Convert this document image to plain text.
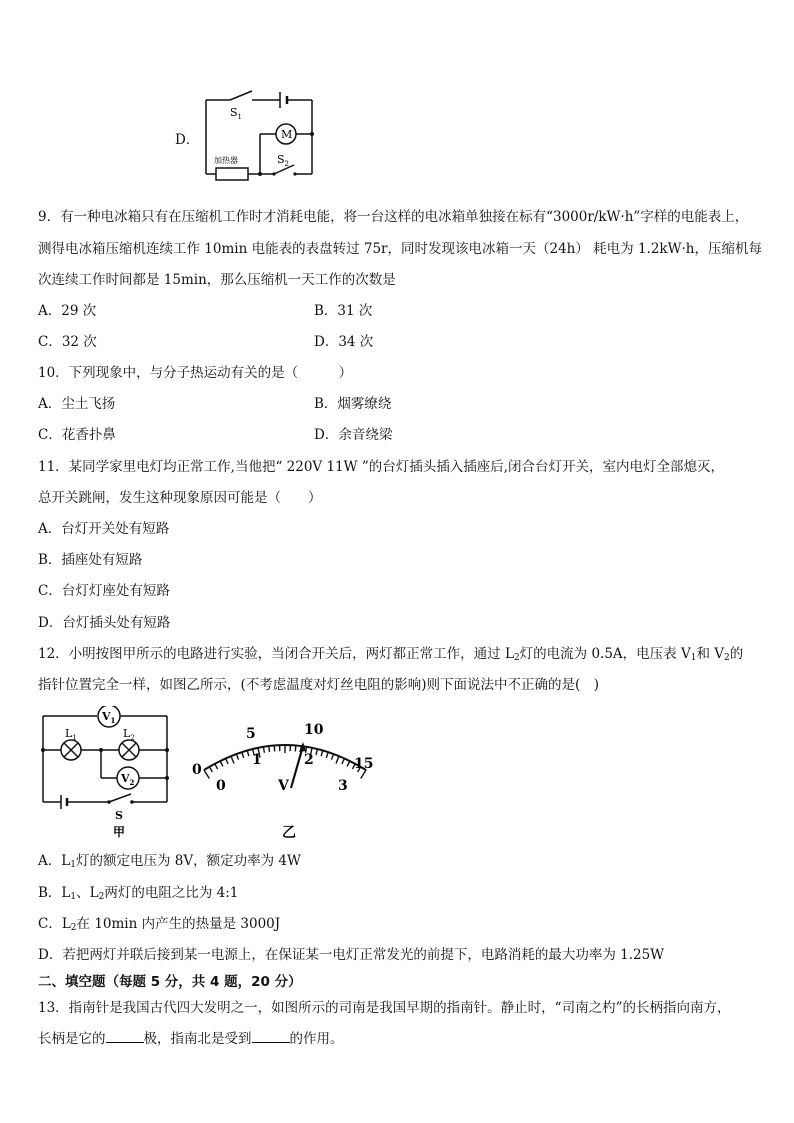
D．
$S_1$
M
$S_2$
加热器
9．有一种电冰箱只有在压缩机工作时才消耗电能，将一台这样的电冰箱单独接在标有“3000r/kW·h”字样的电能表上，
测得电冰箱压缩机连续工作 10min 电能表的表盘转过 75r，同时发现该电冰箱一天（24h） 耗电为 1.2kW·h，压缩机每
次连续工作时间都是 15min，那么压缩机一天工作的次数是
A．29 次	B．31 次
C．32 次	D．34 次
10．下列现象中，与分子热运动有关的是（　　　）
A．尘土飞扬	B．烟雾缭绕
C．花香扑鼻	D．余音绕梁
11．某同学家里电灯均正常工作,当他把“ 220V 11W ”的台灯插头插入插座后,闭合台灯开关，室内电灯全部熄灭，
总开关跳闸，发生这种现象原因可能是（　　）
A．台灯开关处有短路
B．插座处有短路
C．台灯灯座处有短路
D．台灯插头处有短路
12．小明按图甲所示的电路进行实验，当闭合开关后，两灯都正常工作，通过 $L_2$灯的电流为 0.5A，电压表 $V_1$和 $V_2$的
指针位置完全一样，如图乙所示，(不考虑温度对灯丝电阻的影响)则下面说法中不正确的是(　)
$V_1$
$V_2$
$L_1$	$L_2$
S
甲
0
5	10
15
0
1	2
3
V
乙
A．$L_1$灯的额定电压为 8V，额定功率为 4W
B．$L_1$、$L_2$两灯的电阻之比为 4:1
C．$L_2$在 10min 内产生的热量是 3000J
D．若把两灯并联后接到某一电源上，在保证某一电灯正常发光的前提下，电路消耗的最大功率为 1.25W
二、填空题（每题 5 分，共 4 题，20 分）
13．指南针是我国古代四大发明之一，如图所示的司南是我国早期的指南针。静止时，“司南之杓”的长柄指向南方，
长柄是它的	极，指南北是受到	的作用。
